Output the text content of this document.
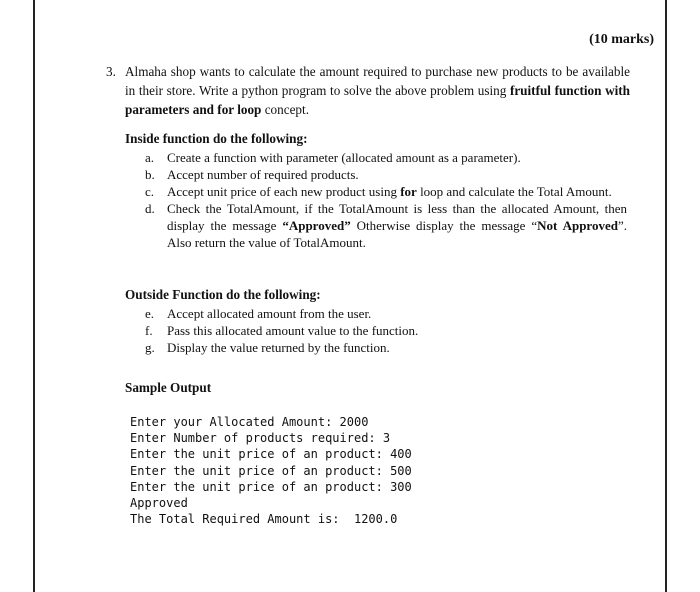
(10 marks)
3. Almaha shop wants to calculate the amount required to purchase new products to be available in their store. Write a python program to solve the above problem using fruitful function with parameters and for loop concept.
Inside function do the following:
a. Create a function with parameter (allocated amount as a parameter).
b. Accept number of required products.
c. Accept unit price of each new product using for loop and calculate the Total Amount.
d. Check the TotalAmount, if the TotalAmount is less than the allocated Amount, then display the message “Approved” Otherwise display the message “Not Approved”. Also return the value of TotalAmount.
Outside Function do the following:
e. Accept allocated amount from the user.
f. Pass this allocated amount value to the function.
g. Display the value returned by the function.
Sample Output
Enter your Allocated Amount: 2000
Enter Number of products required: 3
Enter the unit price of an product: 400
Enter the unit price of an product: 500
Enter the unit price of an product: 300
Approved
The Total Required Amount is:  1200.0
